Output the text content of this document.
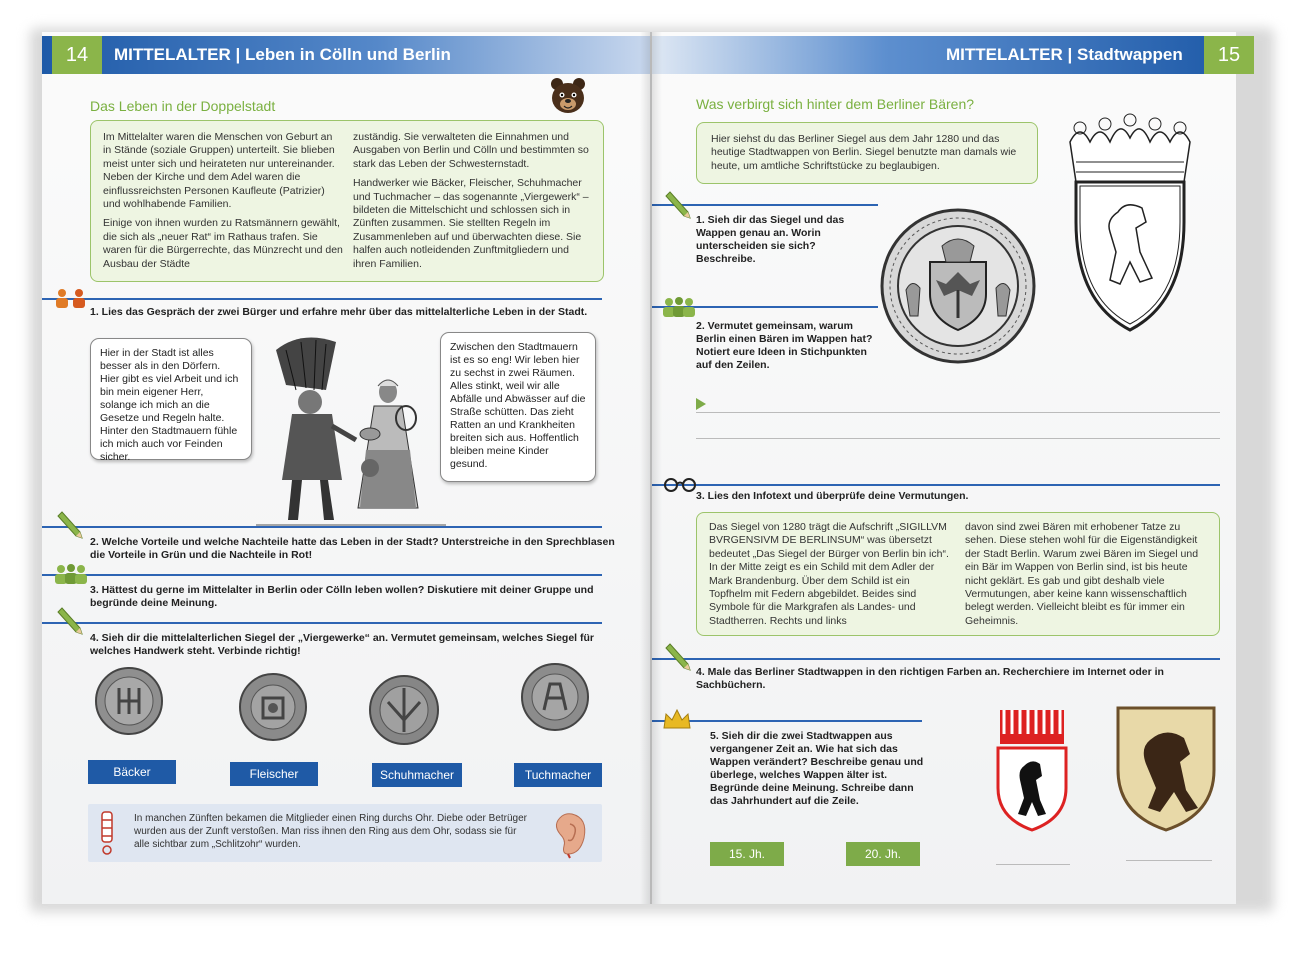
14	MITTELALTER | Leben in Cölln und Berlin
Das Leben in der Doppelstadt

Im Mittelalter waren die Menschen von Geburt an in Stände (soziale Gruppen) unterteilt. Sie blieben meist unter sich und heirateten nur untereinander. Neben der Kirche und dem Adel waren die einflussreichsten Personen Kaufleute (Patrizier) und wohlhabende Familien.

Einige von ihnen wurden zu Ratsmännern gewählt, die sich als „neuer Rat“ im Rathaus trafen. Sie waren für die Bürgerrechte, das Münzrecht und den Ausbau der Städte

zuständig. Sie verwalteten die Einnahmen und Ausgaben von Berlin und Cölln und bestimmten so stark das Leben der Schwesternstadt.

Handwerker wie Bäcker, Fleischer, Schuhmacher und Tuchmacher – das sogenannte „Viergewerk“ – bildeten die Mittelschicht und schlossen sich in Zünften zusammen. Sie stellten Regeln im Zusammenleben auf und überwachten diese. Sie halfen auch notleidenden Zunftmitgliedern und ihren Familien.

1. Lies das Gespräch der zwei Bürger und erfahre mehr über das mittelalterliche Leben in der Stadt.
Hier in der Stadt ist alles besser als in den Dörfern. Hier gibt es viel Arbeit und ich bin mein eigener Herr, solange ich mich an die Gesetze und Regeln halte. Hinter den Stadtmauern fühle ich mich auch vor Feinden sicher.
Zwischen den Stadtmauern ist es so eng! Wir leben hier zu sechst in zwei Räumen. Alles stinkt, weil wir alle Abfälle und Abwässer auf die Straße schütten. Das zieht Ratten an und Krankheiten breiten sich aus. Hoffentlich bleiben meine Kinder gesund.
2. Welche Vorteile und welche Nachteile hatte das Leben in der Stadt? Unterstreiche in den Sprechblasen die Vorteile in Grün und die Nachteile in Rot!
3. Hättest du gerne im Mittelalter in Berlin oder Cölln leben wollen? Diskutiere mit deiner Gruppe und begründe deine Meinung.
4. Sieh dir die mittelalterlichen Siegel der „Viergewerke“ an. Vermutet gemeinsam, welches Siegel für welches Handwerk steht. Verbinde richtig!
Bäcker	Fleischer	Schuhmacher	Tuchmacher
In manchen Zünften bekamen die Mitglieder einen Ring durchs Ohr. Diebe oder Betrüger wurden aus der Zunft verstoßen. Man riss ihnen den Ring aus dem Ohr, sodass sie für alle sichtbar zum „Schlitzohr“ wurden.
MITTELALTER | Stadtwappen	15
Was verbirgt sich hinter dem Berliner Bären?
Hier siehst du das Berliner Siegel aus dem Jahr 1280 und das heutige Stadtwappen von Berlin. Siegel benutzte man damals wie heute, um amtliche Schriftstücke zu beglaubigen.
1. Sieh dir das Siegel und das Wappen genau an. Worin unterscheiden sie sich? Beschreibe.
2. Vermutet gemeinsam, warum Berlin einen Bären im Wappen hat? Notiert eure Ideen in Stichpunkten auf den Zeilen.
3. Lies den Infotext und überprüfe deine Vermutungen.
Das Siegel von 1280 trägt die Aufschrift „SIGILLVM BVRGENSIVM DE BERLINSUM“ was übersetzt bedeutet „Das Siegel der Bürger von Berlin bin ich“. In der Mitte zeigt es ein Schild mit dem Adler der Mark Brandenburg. Über dem Schild ist ein Topfhelm mit Federn abgebildet. Beides sind Symbole für die Markgrafen als Landes- und Stadtherren. Rechts und links
davon sind zwei Bären mit erhobener Tatze zu sehen. Diese stehen wohl für die Eigenständigkeit der Stadt Berlin. Warum zwei Bären im Siegel und ein Bär im Wappen von Berlin sind, ist bis heute nicht geklärt. Es gab und gibt deshalb viele Vermutungen, aber keine kann wissenschaftlich belegt werden. Vielleicht bleibt es für immer ein Geheimnis.
4. Male das Berliner Stadtwappen in den richtigen Farben an. Recherchiere im Internet oder in Sachbüchern.
5. Sieh dir die zwei Stadtwappen aus vergangener Zeit an. Wie hat sich das Wappen verändert? Beschreibe genau und überlege, welches Wappen älter ist. Begründe deine Meinung. Schreibe dann das Jahrhundert auf die Zeile.
15. Jh.	20. Jh.
